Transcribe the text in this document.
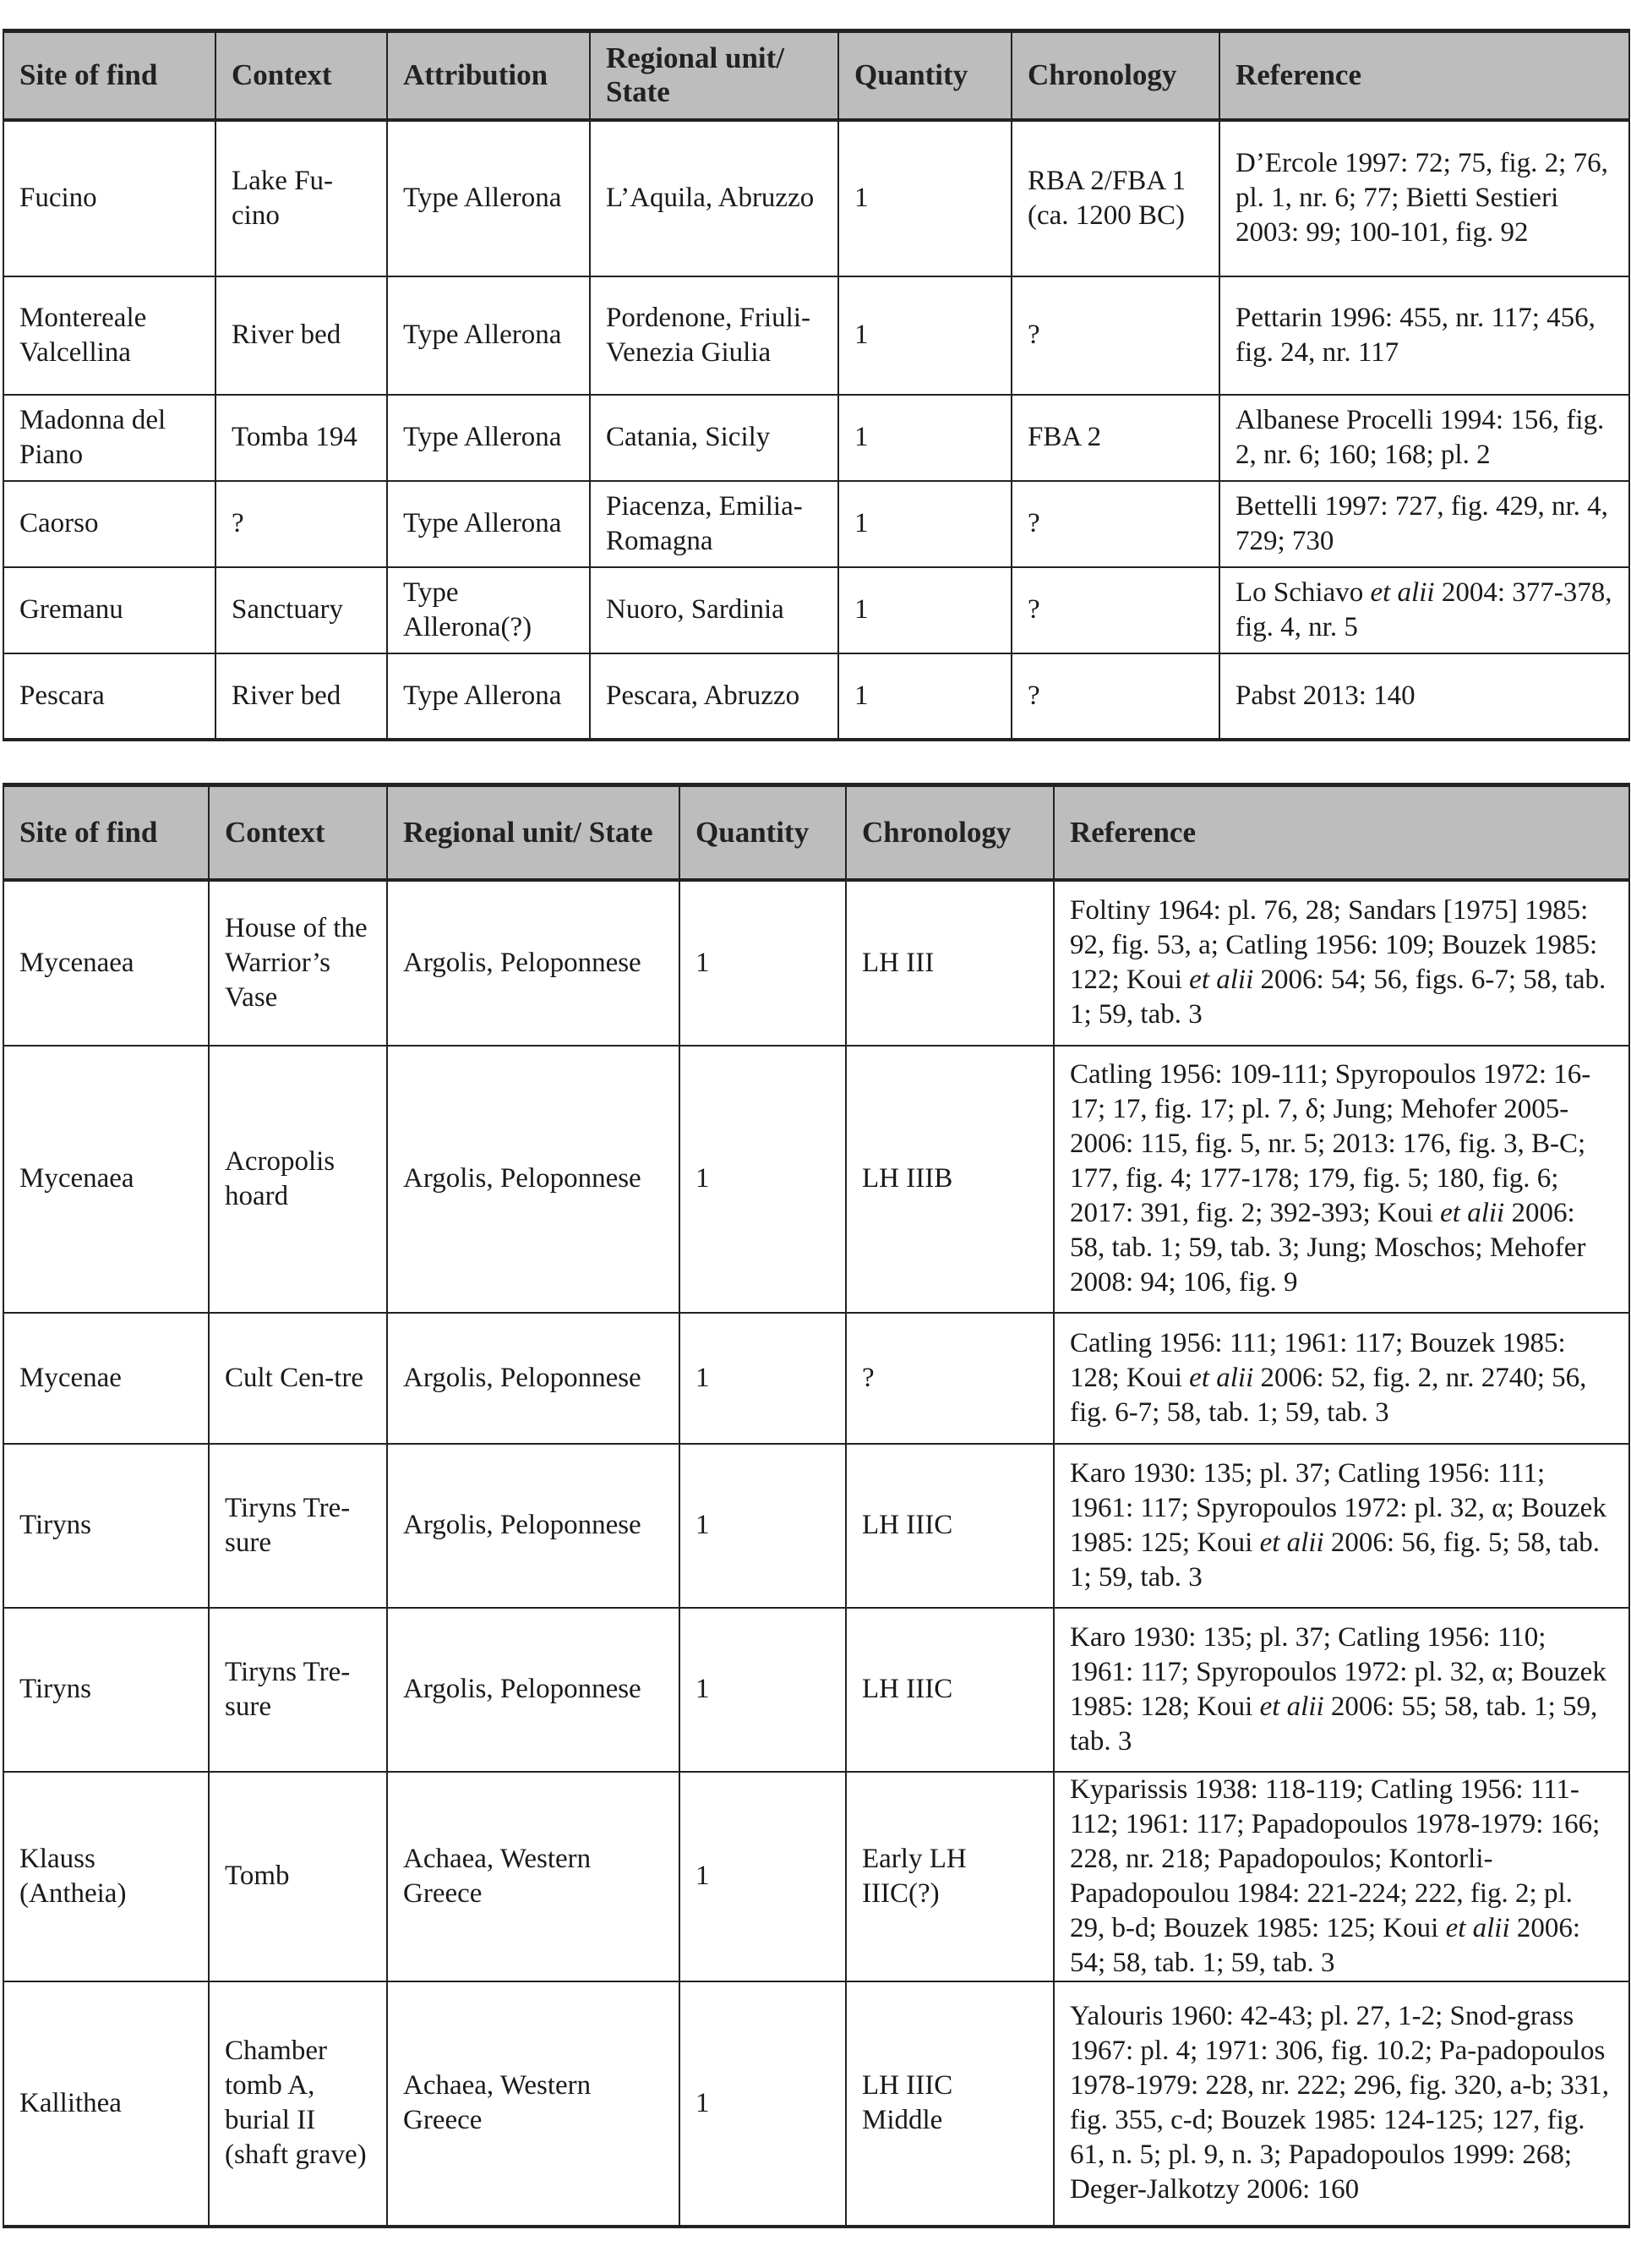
Site of find	Context	Attribution	Regional unit/ State	Quantity	Chronology	Reference
Fucino	Lake Fu-cino	Type Allerona	L’Aquila, Abruzzo	1	RBA 2/FBA 1 (ca. 1200 BC)	D’Ercole 1997: 72; 75, fig. 2; 76, pl. 1, nr. 6; 77; Bietti Sestieri 2003: 99; 100-101, fig. 92
Montereale Valcellina	River bed	Type Allerona	Pordenone, Friuli-Venezia Giulia	1	?	Pettarin 1996: 455, nr. 117; 456, fig. 24, nr. 117
Madonna del Piano	Tomba 194	Type Allerona	Catania, Sicily	1	FBA 2	Albanese Procelli 1994: 156, fig. 2, nr. 6; 160; 168; pl. 2
Caorso	?	Type Allerona	Piacenza, Emilia-Romagna	1	?	Bettelli 1997: 727, fig. 429, nr. 4, 729; 730
Gremanu	Sanctuary	Type Allerona(?)	Nuoro, Sardinia	1	?	Lo Schiavo et alii 2004: 377-378, fig. 4, nr. 5
Pescara	River bed	Type Allerona	Pescara, Abruzzo	1	?	Pabst 2013: 140
Site of find	Context	Regional unit/ State	Quantity	Chronology	Reference
Mycenaea	House of the Warrior’s Vase	Argolis, Peloponnese	1	LH III	Foltiny 1964: pl. 76, 28; Sandars [1975] 1985: 92, fig. 53, a; Catling 1956: 109; Bouzek 1985: 122; Koui et alii 2006: 54; 56, figs. 6-7; 58, tab. 1; 59, tab. 3
Mycenaea	Acropolis hoard	Argolis, Peloponnese	1	LH IIIB	Catling 1956: 109-111; Spyropoulos 1972: 16-17; 17, fig. 17; pl. 7, δ; Jung; Mehofer 2005-2006: 115, fig. 5, nr. 5; 2013: 176, fig. 3, B-C; 177, fig. 4; 177-178; 179, fig. 5; 180, fig. 6; 2017: 391, fig. 2; 392-393; Koui et alii 2006: 58, tab. 1; 59, tab. 3; Jung; Moschos; Mehofer 2008: 94; 106, fig. 9
Mycenae	Cult Cen-tre	Argolis, Peloponnese	1	?	Catling 1956: 111; 1961: 117; Bouzek 1985: 128; Koui et alii 2006: 52, fig. 2, nr. 2740; 56, fig. 6-7; 58, tab. 1; 59, tab. 3
Tiryns	Tiryns Tre-sure	Argolis, Peloponnese	1	LH IIIC	Karo 1930: 135; pl. 37; Catling 1956: 111; 1961: 117; Spyropoulos 1972: pl. 32, α; Bouzek 1985: 125; Koui et alii 2006: 56, fig. 5; 58, tab. 1; 59, tab. 3
Tiryns	Tiryns Tre-sure	Argolis, Peloponnese	1	LH IIIC	Karo 1930: 135; pl. 37; Catling 1956: 110; 1961: 117; Spyropoulos 1972: pl. 32, α; Bouzek 1985: 128; Koui et alii 2006: 55; 58, tab. 1; 59, tab. 3
Klauss (Antheia)	Tomb	Achaea, Western Greece	1	Early LH IIIC(?)	Kyparissis 1938: 118-119; Catling 1956: 111-112; 1961: 117; Papadopoulos 1978-1979: 166; 228, nr. 218; Papadopoulos; Kontorli-Papadopoulou 1984: 221-224; 222, fig. 2; pl. 29, b-d; Bouzek 1985: 125; Koui et alii 2006: 54; 58, tab. 1; 59, tab. 3
Kallithea	Chamber tomb A, burial II (shaft grave)	Achaea, Western Greece	1	LH IIIC Middle	Yalouris 1960: 42-43; pl. 27, 1-2; Snod-grass 1967: pl. 4; 1971: 306, fig. 10.2; Pa-padopoulos 1978-1979: 228, nr. 222; 296, fig. 320, a-b; 331, fig. 355, c-d; Bouzek 1985: 124-125; 127, fig. 61, n. 5; pl. 9, n. 3; Papadopoulos 1999: 268; Deger-Jalkotzy 2006: 160
